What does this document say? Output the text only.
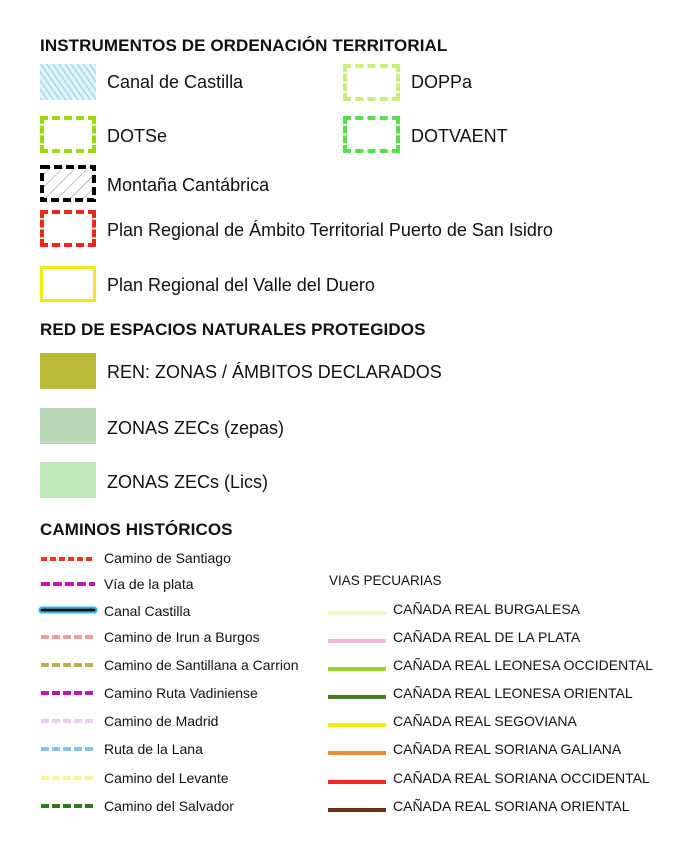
INSTRUMENTOS DE ORDENACIÓN TERRITORIAL
Canal de Castilla	DOPPa
DOTSe	DOTVAENT
Montaña Cantábrica
Plan Regional de Ámbito Territorial Puerto de San Isidro
Plan Regional del Valle del Duero
RED DE ESPACIOS NATURALES PROTEGIDOS
REN: ZONAS / ÁMBITOS DECLARADOS
ZONAS ZECs (zepas)
ZONAS ZECs (Lics)
CAMINOS HISTÓRICOS
Camino de Santiago
Vía de la plata
Canal Castilla
Camino de Irun a Burgos
Camino de Santillana a Carrion
Camino Ruta Vadiniense
Camino de Madrid
Ruta de la Lana
Camino del Levante
Camino del Salvador
VIAS PECUARIAS
CAÑADA REAL BURGALESA
CAÑADA REAL DE LA PLATA
CAÑADA REAL LEONESA OCCIDENTAL
CAÑADA REAL LEONESA ORIENTAL
CAÑADA REAL SEGOVIANA
CAÑADA REAL SORIANA GALIANA
CAÑADA REAL SORIANA OCCIDENTAL
CAÑADA REAL SORIANA ORIENTAL
